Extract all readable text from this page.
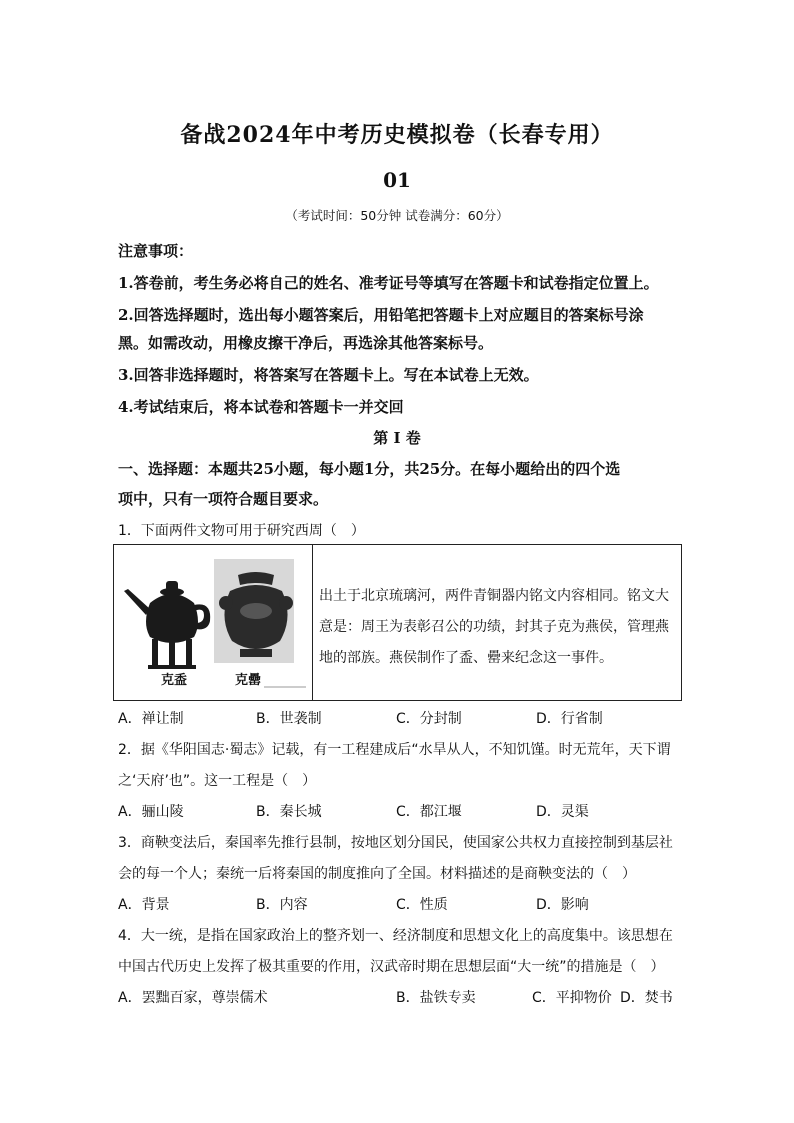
备战2024年中考历史模拟卷（长春专用）
01
（考试时间：50分钟 试卷满分：60分）
注意事项：
1.答卷前，考生务必将自己的姓名、准考证号等填写在答题卡和试卷指定位置上。
2.回答选择题时，选出每小题答案后，用铅笔把答题卡上对应题目的答案标号涂
黑。如需改动，用橡皮擦干净后，再选涂其他答案标号。
3.回答非选择题时，将答案写在答题卡上。写在本试卷上无效。
4.考试结束后，将本试卷和答题卡一并交回
第 I 卷
一、选择题：本题共25小题，每小题1分，共25分。在每小题给出的四个选
项中，只有一项符合题目要求。
1．下面两件文物可用于研究西周（　）
克盉	克罍
出土于北京琉璃河，两件青铜器内铭文内容相同。铭文大
意是：周王为表彰召公的功绩，封其子克为燕侯，管理燕
地的部族。燕侯制作了盉、罍来纪念这一事件。
A．禅让制	B．世袭制	C．分封制	D．行省制
2．据《华阳国志·蜀志》记载，有一工程建成后“水旱从人，不知饥馑。时无荒年，天下谓
之‘天府’也”。这一工程是（　）
A．骊山陵	B．秦长城	C．都江堰	D．灵渠
3．商鞅变法后，秦国率先推行县制，按地区划分国民，使国家公共权力直接控制到基层社
会的每一个人；秦统一后将秦国的制度推向了全国。材料描述的是商鞅变法的（　）
A．背景	B．内容	C．性质	D．影响
4．大一统，是指在国家政治上的整齐划一、经济制度和思想文化上的高度集中。该思想在
中国古代历史上发挥了极其重要的作用，汉武帝时期在思想层面“大一统”的措施是（　）
A．罢黜百家，尊崇儒术	B．盐铁专卖	C．平抑物价 D．焚书
